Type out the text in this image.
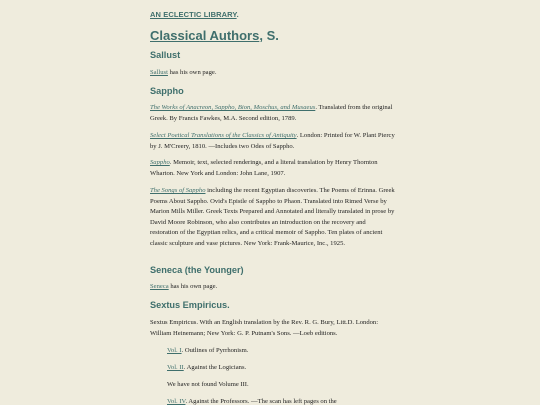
AN ECLECTIC LIBRARY.
Classical Authors, S.
Sallust

Sallust has his own page.

Sappho

The Works of Anacreon, Sappho, Bion, Moschus, and Musaeus. Translated from the original Greek. By Francis Fawkes, M.A. Second edition, 1789.

Select Poetical Translations of the Classics of Antiquity. London: Printed for W. Plant Piercy by J. M'Creery, 1810. —Includes two Odes of Sappho.

Sappho. Memoir, text, selected renderings, and a literal translation by Henry Thornton Wharton. New York and London: John Lane, 1907.

The Songs of Sappho including the recent Egyptian discoveries. The Poems of Erinna. Greek Poems About Sappho. Ovid's Epistle of Sappho to Phaon. Translated into Rimed Verse by Marion Mills Miller. Greek Texts Prepared and Annotated and literally translated in prose by David Moore Robinson, who also contributes an introduction on the recovery and restoration of the Egyptian relics, and a critical memoir of Sappho. Ten plates of ancient classic sculpture and vase pictures. New York: Frank-Maurice, Inc., 1925.

Seneca (the Younger)

Seneca has his own page.

Sextus Empiricus.

Sextus Empiricus. With an English translation by the Rev. R. G. Bury, Litt.D. London: William Heinemann; New York: G. P. Putnam's Sons. —Loeb editions.

Vol. I. Outlines of Pyrrhonism.

Vol. II. Against the Logicians.

We have not found Volume III.

Vol. IV. Against the Professors. —The scan has left pages on the
